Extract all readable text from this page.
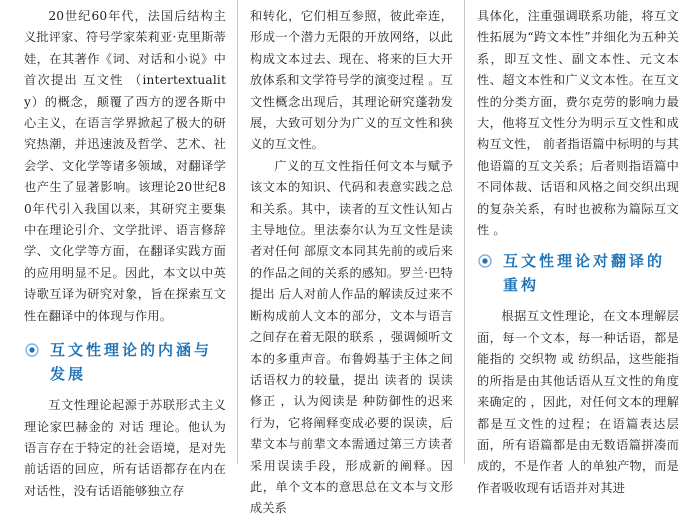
20世纪60年代，法国后结构主义批评家、符号学家茱莉亚·克里斯蒂娃，在其著作《词、对话和小说》中首次提出 互文性 （intertextuality）的概念，颠覆了西方的逻各斯中心主义，在语言学界掀起了极大的研究热潮，并迅速波及哲学、艺术、社会学、文化学等诸多领域，对翻译学也产生了显著影响。该理论20世纪80年代引入我国以来，其研究主要集中在理论引介、文学批评、语言修辞学、文化学等方面，在翻译实践方面的应用明显不足。因此，本文以中英诗歌互译为研究对象，旨在探索互文性在翻译中的体现与作用。

互文性理论的内涵与发展

互文性理论起源于苏联形式主义理论家巴赫金的 对话 理论。他认为语言存在于特定的社会语境，是对先前话语的回应，所有话语都存在内在对话性，没有话语能够独立存

和转化，它们相互参照，彼此牵连，形成一个潜力无限的开放网络，以此构成文本过去、现在、将来的巨大开放体系和文学符号学的演变过程 。互文性概念出现后，其理论研究蓬勃发展，大致可划分为广义的互文性和狭义的互文性。

广义的互文性指任何文本与赋予该文本的知识、代码和表意实践之总和关系。其中，读者的互文性认知占主导地位。里法泰尔认为互文性是读者对任何 部原文本同其先前的或后来的作品之间的关系的感知。罗兰·巴特提出 后人对前人作品的解读反过来不断构成前人文本的部分，文本与语言之间存在着无限的联系 ，强调倾听文本的多重声音。布鲁姆基于主体之间话语权力的较量，提出 读者的 误读修正 ，认为阅读是 种防御性的迟来行为，它将阐释变成必要的误读，后辈文本与前辈文本需通过第三方读者采用误读手段，形成新的阐释。因此，单个文本的意思总在文本与文形成关系

具体化，注重强调联系功能，将互文性拓展为“跨文本性”并细化为五种关系，即互文性、副文本性、元文本性、超文本性和广义文本性。在互文性的分类方面，费尔克劳的影响力最大，他将互文性分为明示互文性和成构互文性， 前者指语篇中标明的与其他语篇的互文关系；后者则指语篇中不同体裁、话语和风格之间交织出现的复杂关系，有时也被称为篇际互文性 。

互文性理论对翻译的重构

根据互文性理论，在文本理解层面，每一个文本，每一种话语，都是能指的 交织物 或 纺织品，这些能指的所指是由其他话语从互文性的角度来确定的 ，因此，对任何文本的理解都是互文性的过程；在语篇表达层面，所有语篇都是由无数语篇拼凑而成的，不是作者 人的单独产物，而是作者吸收现有话语并对其进
